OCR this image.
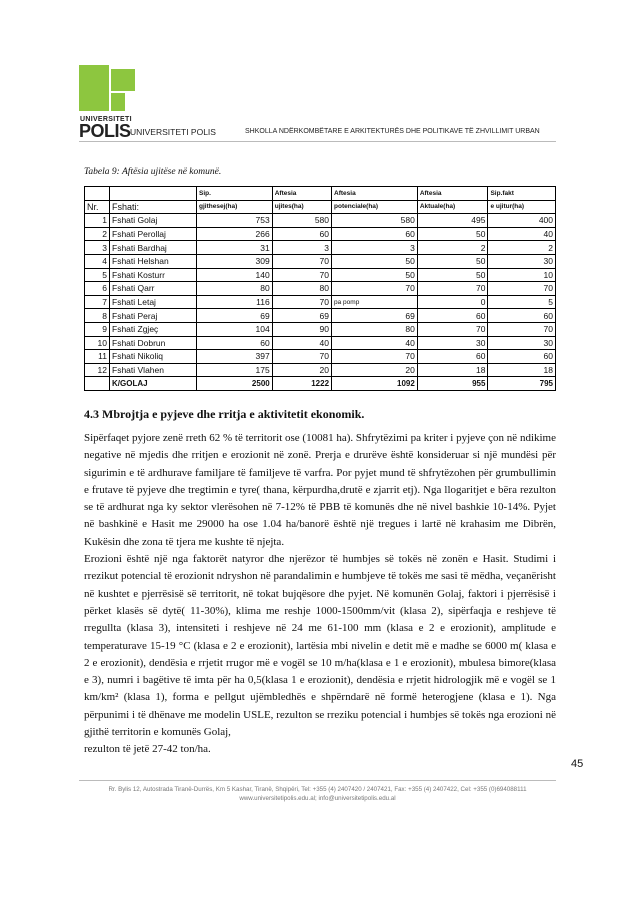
UNIVERSITETI
POLIS UNIVERSITETI POLIS	SHKOLLA NDËRKOMBËTARE E ARKITEKTURËS DHE POLITIKAVE TË ZHVILLIMIT URBAN
Tabela 9: Aftësia ujitëse në komunë.
		Sip.	Aftesia	Aftesia	Aftesia	Sip.fakt
Nr.	Fshati:	gjithesej(ha)	ujites(ha)	potenciale(ha)	Aktuale(ha)	e ujitur(ha)
1	Fshati Golaj	753	580	580	495	400
2	Fshati Perollaj	266	60	60	50	40
3	Fshati Bardhaj	31	3	3	2	2
4	Fshati Helshan	309	70	50	50	30
5	Fshati Kosturr	140	70	50	50	10
6	Fshati Qarr	80	80	70	70	70
7	Fshati Letaj	116	70	pa pomp	0	5
8	Fshati Peraj	69	69	69	60	60
9	Fshati Zgjeç	104	90	80	70	70
10	Fshati Dobrun	60	40	40	30	30
11	Fshati Nikoliq	397	70	70	60	60
12	Fshati Vlahen	175	20	20	18	18
	K/GOLAJ	2500	1222	1092	955	795
4.3 Mbrojtja e pyjeve dhe rritja e aktivitetit ekonomik.

Sipërfaqet pyjore zenë rreth 62 % të territorit ose (10081 ha). Shfrytëzimi pa kriter i pyjeve çon në ndikime negative në mjedis dhe rritjen e erozionit në zonë. Prerja e drurëve është konsideruar si një mundësi për sigurimin e të ardhurave familjare të familjeve të varfra. Por pyjet mund të shfrytëzohen për grumbullimin e frutave të pyjeve dhe tregtimin e tyre( thana, kërpurdha,drutë e zjarrit etj). Nga llogaritjet e bëra rezulton se të ardhurat nga ky sektor vlerësohen në 7-12% të PBB të komunës dhe në nivel bashkie 10-14%. Pyjet në bashkinë e Hasit me 29000 ha ose 1.04 ha/banorë është një tregues i lartë në krahasim me Dibrën, Kukësin dhe zona të tjera me kushte të njejta.

Erozioni është një nga faktorët natyror dhe njerëzor të humbjes së tokës në zonën e Hasit. Studimi i rrezikut potencial të erozionit ndryshon në parandalimin e humbjeve të tokës me sasi të mëdha, veçanërisht në kushtet e pjerrësisë së territorit, në tokat bujqësore dhe pyjet. Në komunën Golaj, faktori i pjerrësisë i përket klasës së dytë( 11-30%), klima me reshje 1000-1500mm/vit (klasa 2), sipërfaqja e reshjeve të rregullta (klasa 3), intensiteti i reshjeve në 24 me 61-100 mm (klasa e 2 e erozionit), amplitude e temperaturave 15-19 °C (klasa e 2 e erozionit), lartësia mbi nivelin e detit më e madhe se 6000 m( klasa e 2 e erozionit), dendësia e rrjetit rrugor më e vogël se 10 m/ha(klasa e 1 e erozionit), mbulesa bimore(klasa e 3), numri i bagëtive të imta për ha 0,5(klasa 1 e erozionit), dendësia e rrjetit hidrologjik më e vogël se 1 km/km² (klasa 1), forma e pellgut ujëmbledhës e shpërndarë në formë heterogjene (klasa e 1). Nga përpunimi i të dhënave me modelin USLE, rezulton se rreziku potencial i humbjes së tokës nga erozioni në gjithë territorin e komunës Golaj,

rezulton të jetë 27-42 ton/ha.

45
Rr. Bylis 12, Autostrada Tiranë-Durrës, Km 5 Kashar, Tiranë, Shqipëri, Tel: +355 (4) 2407420 / 2407421, Fax: +355 (4) 2407422, Cel: +355 (0)694088111
www.universitetipolis.edu.al; info@universitetipolis.edu.al
